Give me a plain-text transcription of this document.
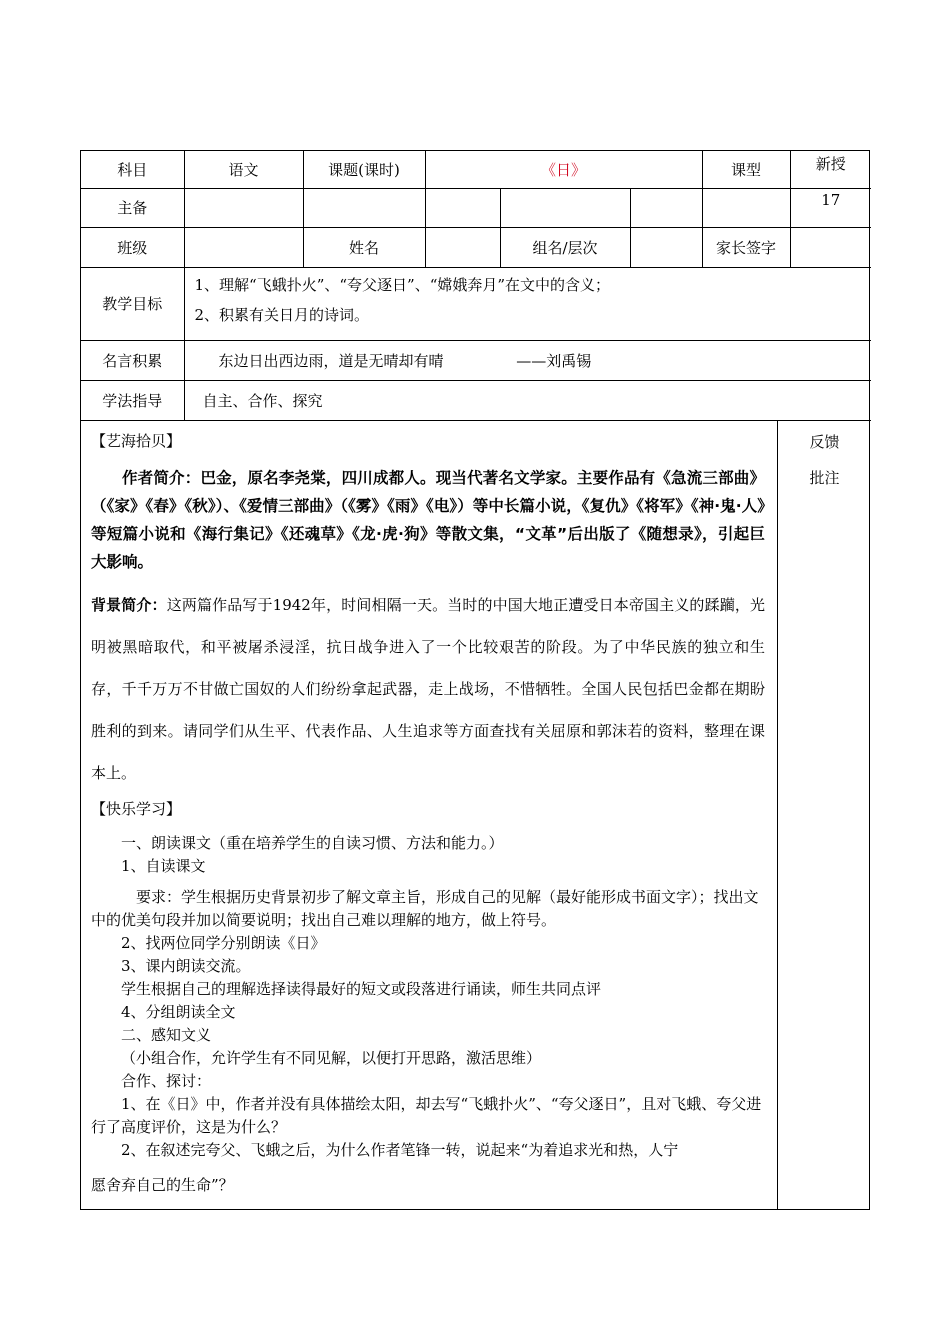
科目	语文	课题(课时)	《日》			课型	新授
主备							17
班级		姓名		组名/层次		家长签字	
教学目标	1、理解“飞蛾扑火”、“夸父逐日”、“嫦娥奔月”在文中的含义；
2、积累有关日月的诗词。						

名言积累	东边日出西边雨，道是无晴却有晴 ——刘禹锡						
学法指导	自主、合作、探究						

【艺海拾贝】

作者简介：巴金，原名李尧棠，四川成都人。现当代著名文学家。主要作品有《急流三部曲》（《家》《春》《秋》）、《爱情三部曲》（《雾》《雨》《电》）等中长篇小说，《复仇》《将军》《神·鬼·人》等短篇小说和《海行集记》《还魂草》《龙·虎·狗》等散文集，“文革”后出版了《随想录》，引起巨大影响。

背景简介：这两篇作品写于1942年，时间相隔一天。当时的中国大地正遭受日本帝国主义的蹂躏，光明被黑暗取代，和平被屠杀浸淫，抗日战争进入了一个比较艰苦的阶段。为了中华民族的独立和生存，千千万万不甘做亡国奴的人们纷纷拿起武器，走上战场，不惜牺牲。全国人民包括巴金都在期盼胜利的到来。请同学们从生平、代表作品、人生追求等方面查找有关屈原和郭沫若的资料，整理在课本上。

【快乐学习】

一、朗读课文（重在培养学生的自读习惯、方法和能力。）

1、自读课文

要求：学生根据历史背景初步了解文章主旨，形成自己的见解（最好能形成书面文字）；找出文中的优美句段并加以简要说明；找出自己难以理解的地方，做上符号。

2、找两位同学分别朗读《日》

3、课内朗读交流。

学生根据自己的理解选择读得最好的短文或段落进行诵读，师生共同点评

4、分组朗读全文

二、感知文义

（小组合作，允许学生有不同见解，以便打开思路，激活思维）

合作、探讨：

1、在《日》中，作者并没有具体描绘太阳，却去写“飞蛾扑火”、“夸父逐日”，且对飞蛾、夸父进行了高度评价，这是为什么？

2、在叙述完夸父、飞蛾之后，为什么作者笔锋一转，说起来“为着追求光和热，人宁

愿舍弃自己的生命”？

反馈
批注
